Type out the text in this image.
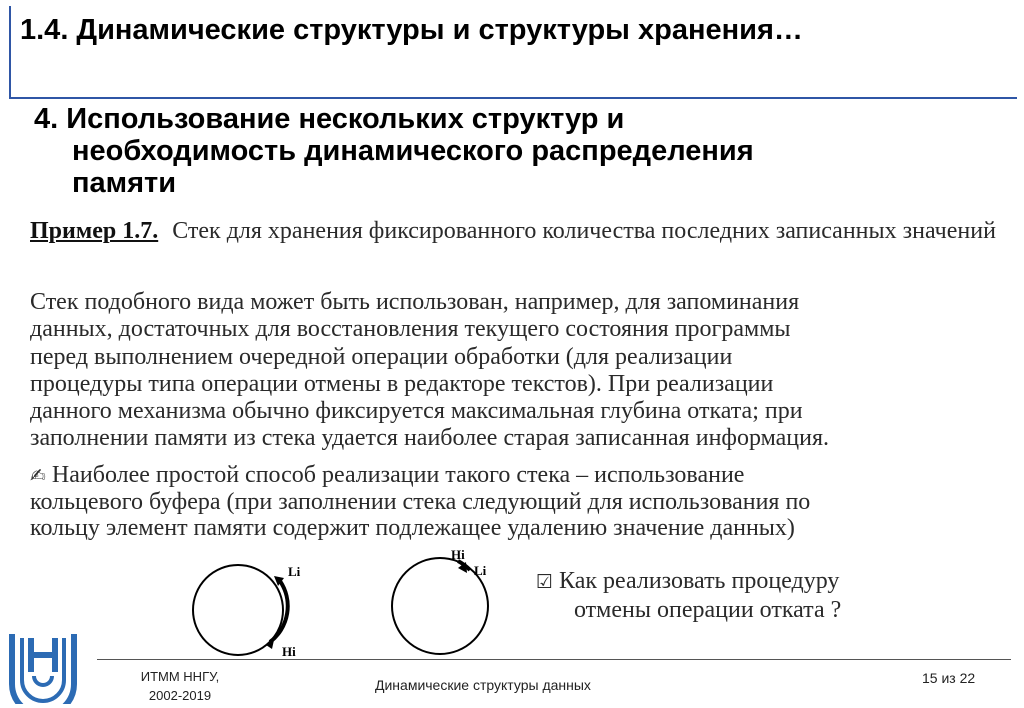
1.4. Динамические структуры и структуры хранения…
4. Использование нескольких структур и
необходимость динамического распределения
памяти
Пример 1.7. Стек для хранения фиксированного количества последних записанных значений
Стек подобного вида может быть использован, например, для запоминания
данных, достаточных для восстановления текущего состояния программы
перед выполнением очередной операции обработки (для реализации
процедуры типа операции отмены в редакторе текстов). При реализации
данного механизма обычно фиксируется максимальная глубина отката; при
заполнении памяти из стека удается наиболее старая записанная информация.
✍ Наиболее простой способ реализации такого стека – использование
кольцевого буфера (при заполнении стека следующий для использования по
кольцу элемент памяти содержит подлежащее удалению значение данных)
Li
Hi
Hi
Li
☑ Как реализовать процедуру
отмены операции отката ?
ИТММ ННГУ,
2002-2019
Динамические структуры данных	15 из 22
